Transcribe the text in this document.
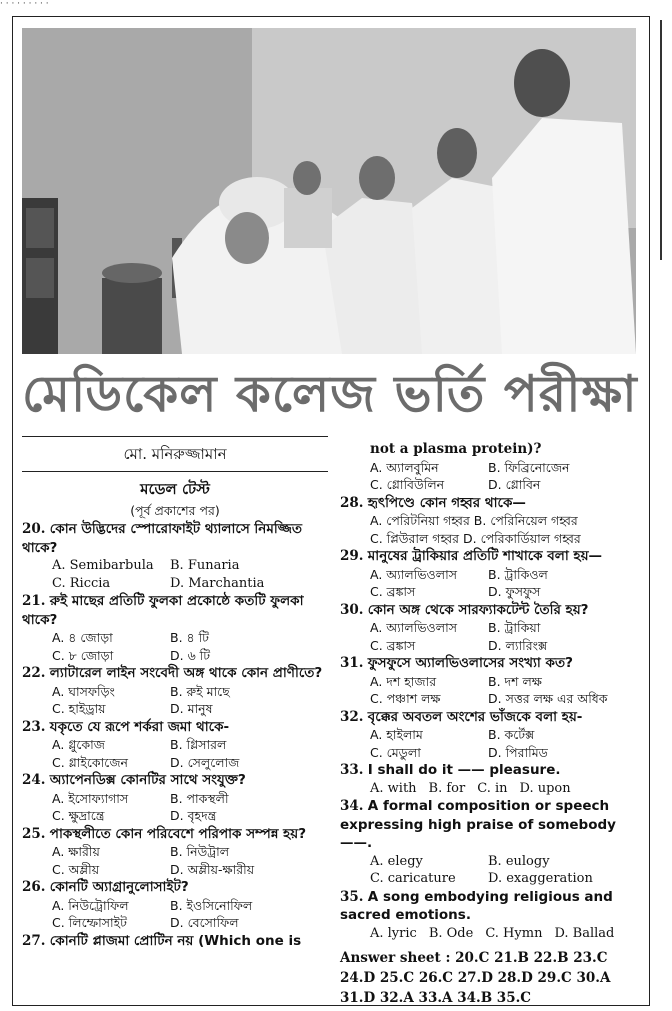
· · · · · · · · ·
মেডিকেল কলেজ ভর্তি পরীক্ষা
মো. মনিরুজ্জামান
মডেল টেস্ট
(পূর্ব প্রকাশের পর)
20. কোন উদ্ভিদের স্পোরোফাইট থ্যালাসে নিমজ্জিত থাকে?
A. Semibarbula	B. Funaria
C. Riccia	D. Marchantia
21. রুই মাছের প্রতিটি ফুলকা প্রকোষ্ঠে কতটি ফুলকা থাকে?
A. ৪ জোড়া	B. ৪ টি
C. ৮ জোড়া	D. ৬ টি
22. ল্যাটারেল লাইন সংবেদী অঙ্গ থাকে কোন প্রাণীতে?
A. ঘাসফড়িং	B. রুই মাছে
C. হাইড্রায়	D. মানুষ
23. যকৃতে যে রূপে শর্করা জমা থাকে-
A. গ্লুকোজ	B. গ্লিসারল
C. গ্লাইকোজেন	D. সেলুলোজ
24. অ্যাপেনডিক্স কোনটির সাথে সংযুক্ত?
A. ইসোফ্যাগাস	B. পাকস্থলী
C. ক্ষুদ্রান্ত্রে	D. বৃহদন্ত্র
25. পাকস্থলীতে কোন পরিবেশে পরিপাক সম্পন্ন হয়?
A. ক্ষারীয়	B. নিউট্রাল
C. অম্লীয়	D. অম্লীয়-ক্ষারীয়
26. কোনটি অ্যাগ্রানুলোসাইট?
A. নিউট্রোফিল	B. ইওসিনোফিল
C. লিম্ফোসাইট	D. বেসোফিল
27. কোনটি প্লাজমা প্রোটিন নয় (Which one is
not a plasma protein)?
A. অ্যালবুমিন	B. ফিব্রিনোজেন
C. গ্লোবিউলিন	D. গ্লোবিন
28. হৃৎপিণ্ডে কোন গহ্বর থাকে—
A. পেরিটনিয়া গহ্বর B. পেরিনিয়েল গহ্বর
C. প্লিউরাল গহ্বর D. পেরিকার্ডিয়াল গহ্বর
29. মানুষের ট্রাকিয়ার প্রতিটি শাখাকে বলা হয়—
A. অ্যালভিওলাস	B. ট্রাকিওল
C. ব্রঙ্কাস	D. ফুসফুস
30. কোন অঙ্গ থেকে সারফ্যাকটেন্ট তৈরি হয়?
A. অ্যালভিওলাস	B. ট্রাকিয়া
C. ব্রঙ্কাস	D. ল্যারিংক্স
31. ফুসফুসে অ্যালভিওলাসের সংখ্যা কত?
A. দশ হাজার	B. দশ লক্ষ
C. পঞ্চাশ লক্ষ	D. সত্তর লক্ষ এর অধিক
32. বৃক্কের অবতল অংশের ভাঁজকে বলা হয়-
A. হাইলাম	B. কর্টেক্স
C. মেডুলা	D. পিরামিড
33. I shall do it —— pleasure.
A. with B. for C. in D. upon
34. A formal composition or speech expressing high praise of somebody——.
A. elegy	B. eulogy
C. caricature	D. exaggeration
35. A song embodying religious and sacred emotions.
A. lyric B. Ode C. Hymn D. Ballad
Answer sheet : 20.C 21.B 22.B 23.C 24.D 25.C 26.C 27.D 28.D 29.C 30.A 31.D 32.A 33.A 34.B 35.C
